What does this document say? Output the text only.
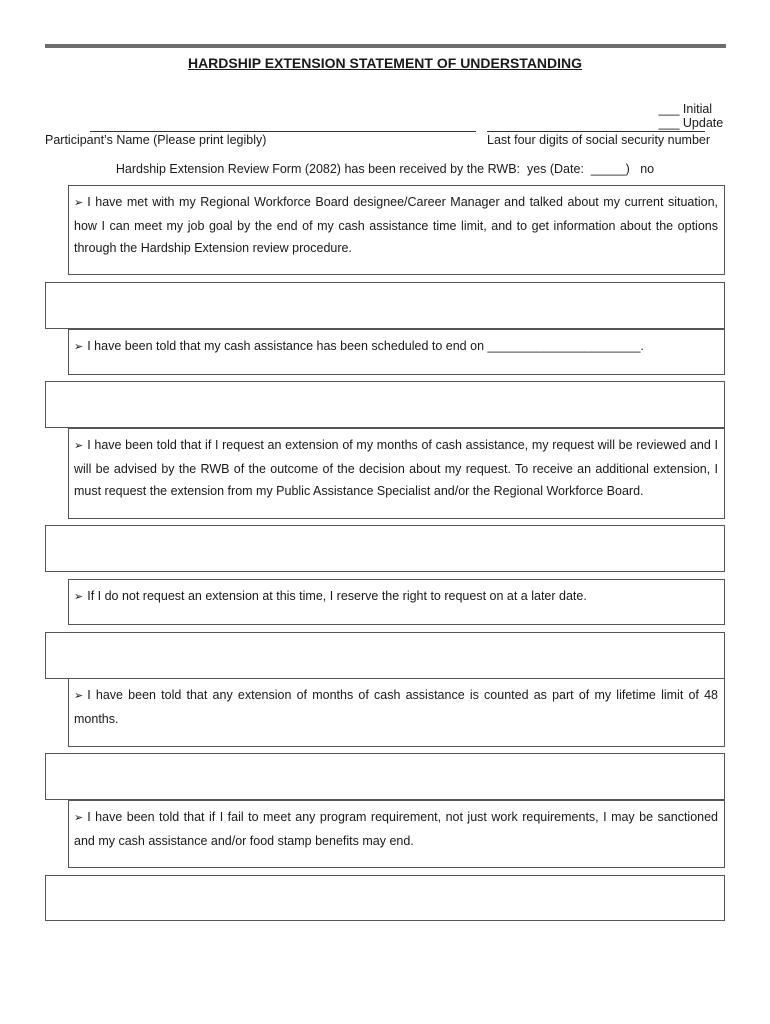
HARDSHIP EXTENSION STATEMENT OF UNDERSTANDING

___ Initial
___ Update

Participant’s Name (Please print legibly)	Last four digits of social security number
Hardship Extension Review Form (2082) has been received by the RWB:  yes (Date:  _____)   no
➢ I have met with my Regional Workforce Board designee/Career Manager and talked about my current situation, how I can meet my job goal by the end of my cash assistance time limit, and to get information about the options through the Hardship Extension review procedure.
➢ I have been told that my cash assistance has been scheduled to end on ______________________.
➢ I have been told that if I request an extension of my months of cash assistance, my request will be reviewed and I will be advised by the RWB of the outcome of the decision about my request. To receive an additional extension, I must request the extension from my Public Assistance Specialist and/or the Regional Workforce Board.
➢ If I do not request an extension at this time, I reserve the right to request on at a later date.
➢ I have been told that any extension of months of cash assistance is counted as part of my lifetime limit of 48 months.
➢ I have been told that if I fail to meet any program requirement, not just work requirements, I may be sanctioned and my cash assistance and/or food stamp benefits may end.
